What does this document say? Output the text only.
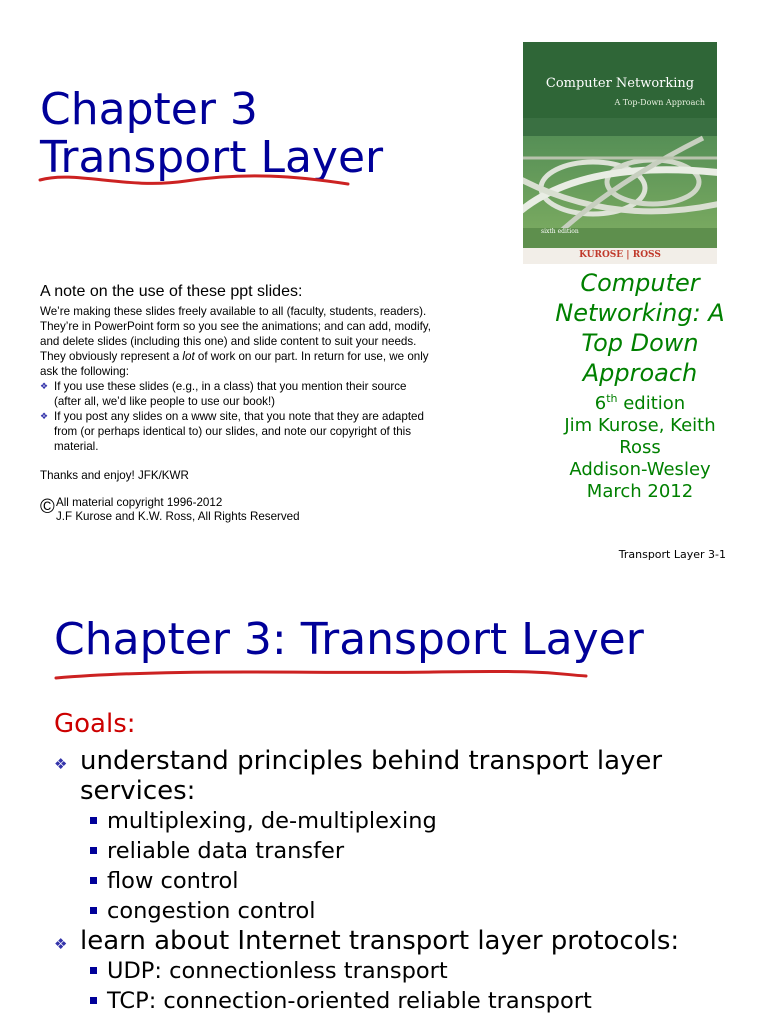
Chapter 3
Transport Layer
Computer Networking
A Top-Down Approach
sixth edition
KUROSE | ROSS
Computer
Networking: A
Top Down
Approach
6th edition
Jim Kurose, Keith
Ross
Addison-Wesley
March 2012
A note on the use of these ppt slides:
We’re making these slides freely available to all (faculty, students, readers).
They’re in PowerPoint form so you see the animations; and can add, modify,
and delete slides (including this one) and slide content to suit your needs.
They obviously represent a lot of work on our part. In return for use, we only
ask the following:
❖ If you use these slides (e.g., in a class) that you mention their source
(after all, we’d like people to use our book!)
❖ If you post any slides on a www site, that you note that they are adapted
from (or perhaps identical to) our slides, and note our copyright of this
material.
Thanks and enjoy! JFK/KWR
© All material copyright 1996-2012
J.F Kurose and K.W. Ross, All Rights Reserved
Transport Layer 3-1
Chapter 3: Transport Layer
Goals:
❖ understand principles behind transport layer
services:
multiplexing, de-multiplexing
reliable data transfer
flow control
congestion control
❖ learn about Internet transport layer protocols:
UDP: connectionless transport
TCP: connection-oriented reliable transport
